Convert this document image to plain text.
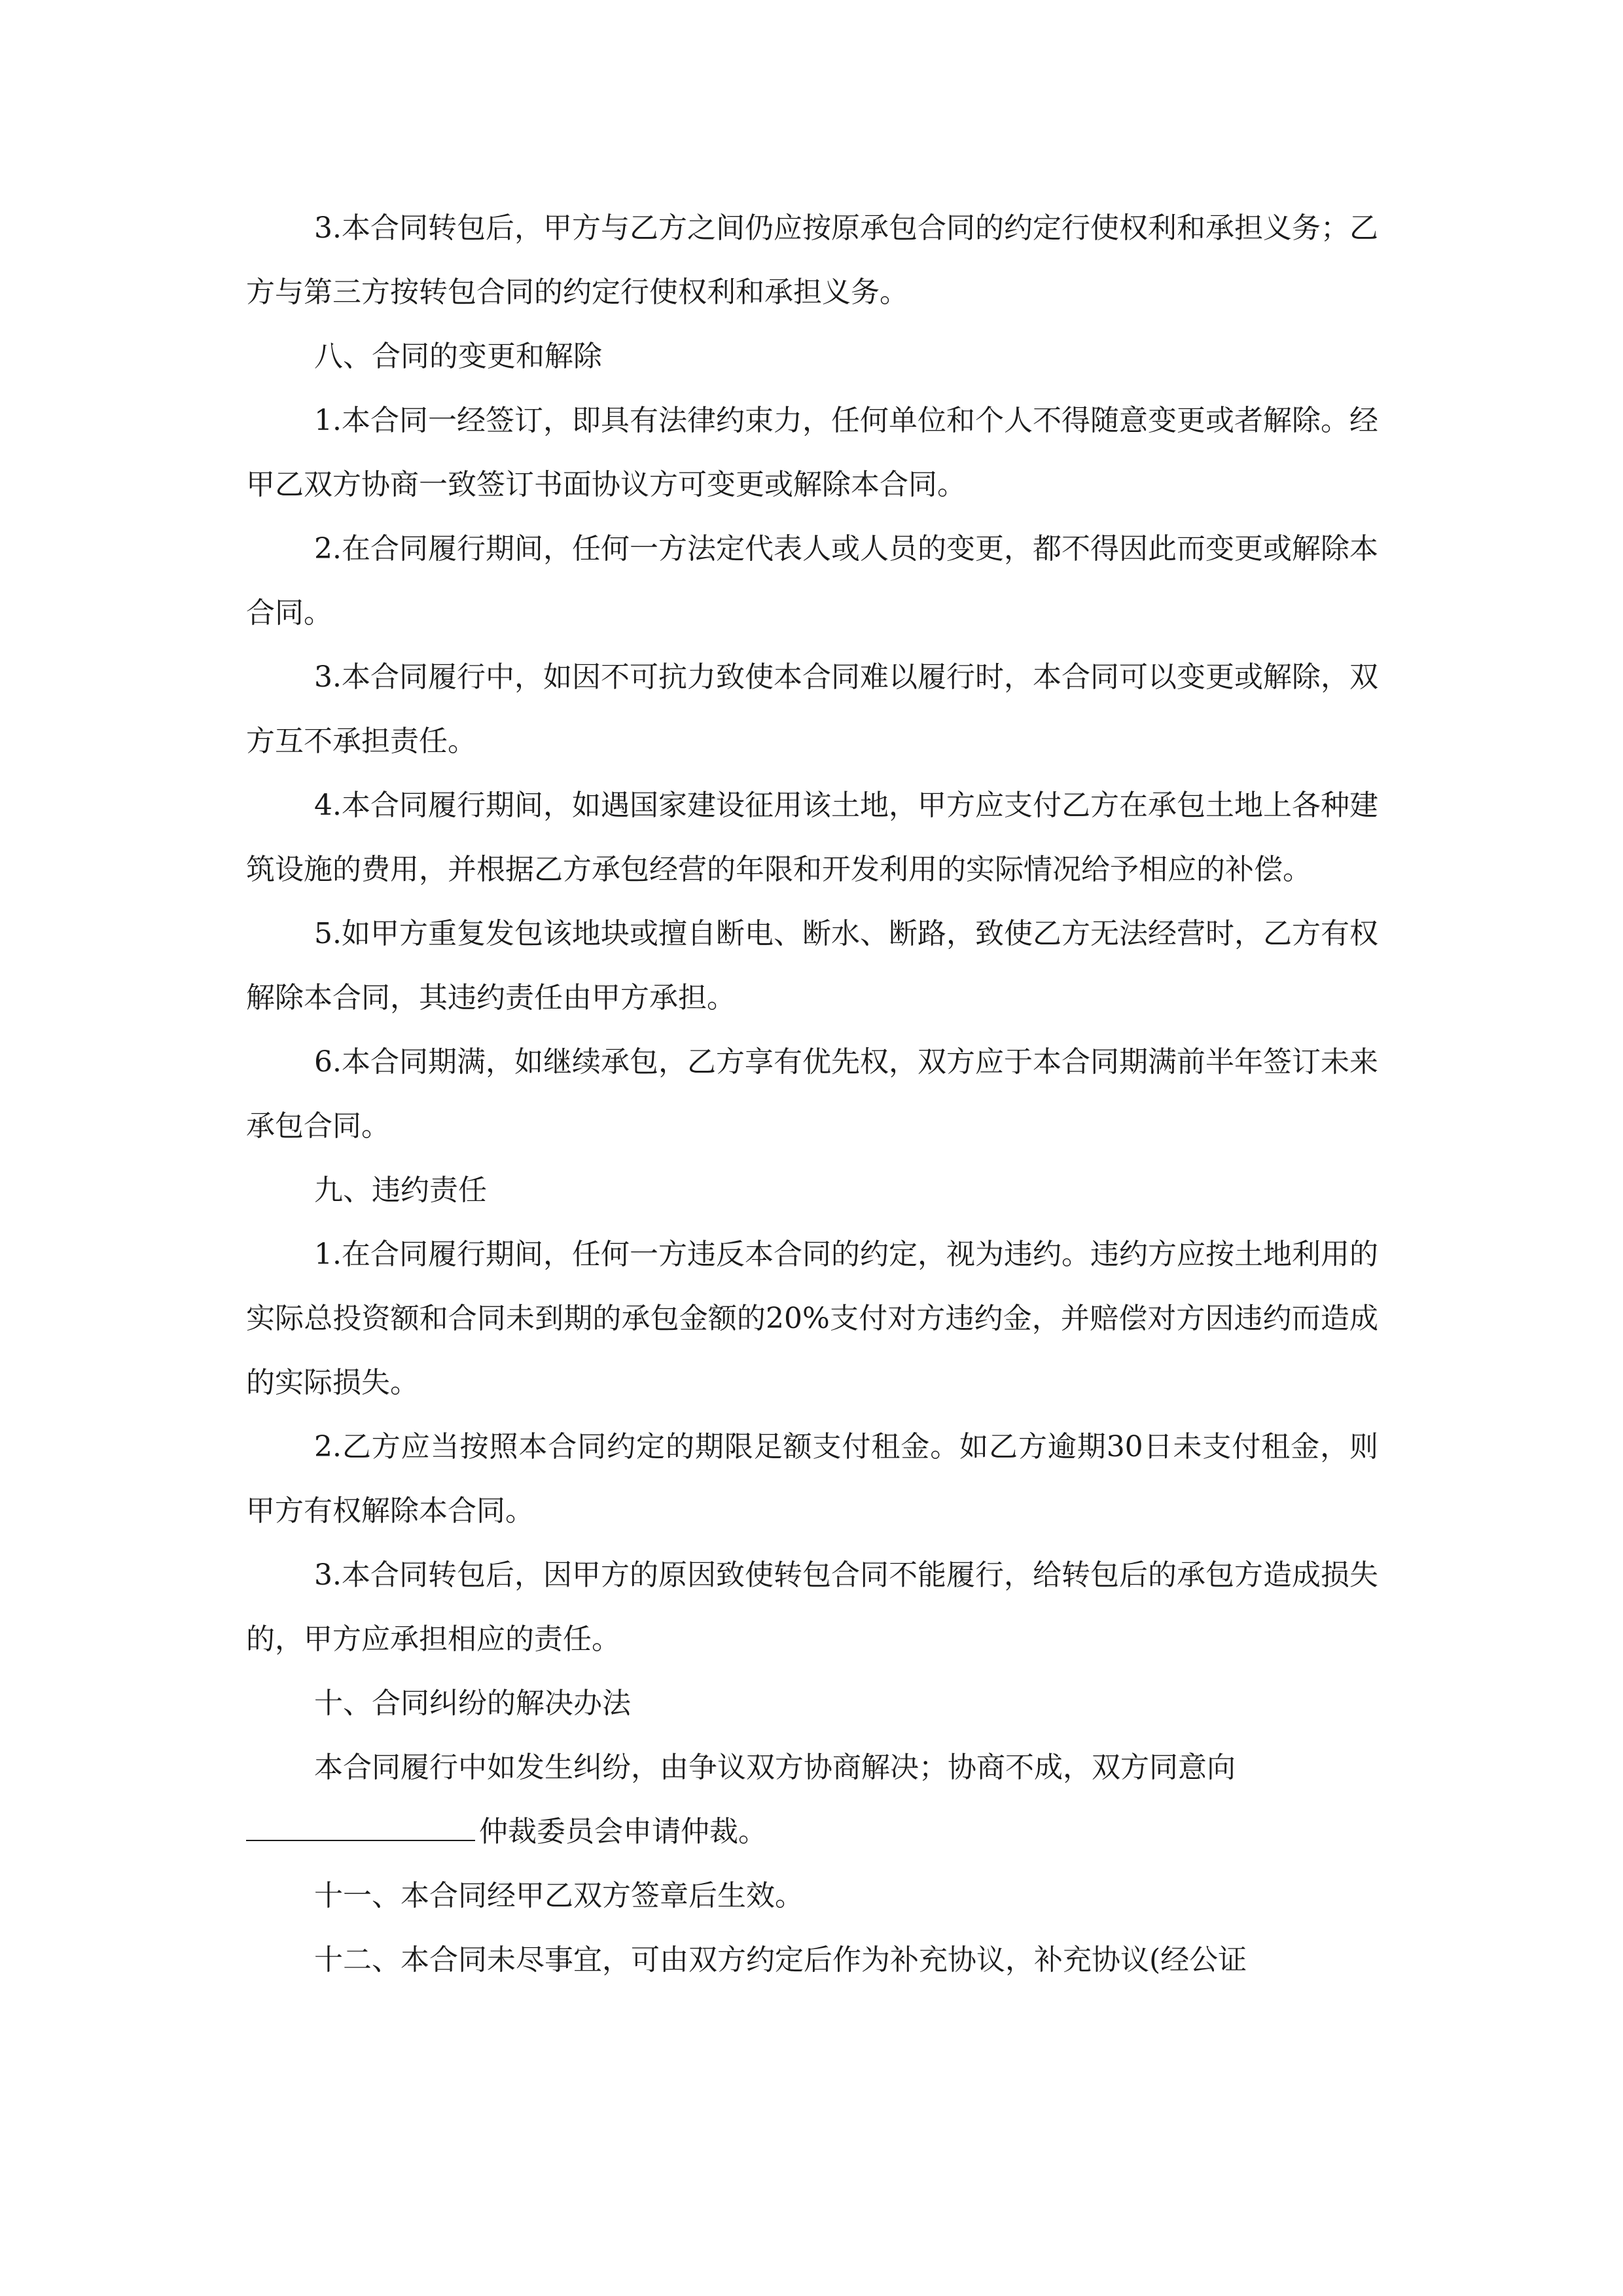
3.本合同转包后，甲方与乙方之间仍应按原承包合同的约定行使权利和承担义务；乙方与第三方按转包合同的约定行使权利和承担义务。

八、合同的变更和解除

1.本合同一经签订，即具有法律约束力，任何单位和个人不得随意变更或者解除。经甲乙双方协商一致签订书面协议方可变更或解除本合同。

2.在合同履行期间，任何一方法定代表人或人员的变更，都不得因此而变更或解除本合同。

3.本合同履行中，如因不可抗力致使本合同难以履行时，本合同可以变更或解除，双方互不承担责任。

4.本合同履行期间，如遇国家建设征用该土地，甲方应支付乙方在承包土地上各种建筑设施的费用，并根据乙方承包经营的年限和开发利用的实际情况给予相应的补偿。

5.如甲方重复发包该地块或擅自断电、断水、断路，致使乙方无法经营时，乙方有权解除本合同，其违约责任由甲方承担。

6.本合同期满，如继续承包，乙方享有优先权，双方应于本合同期满前半年签订未来承包合同。

九、违约责任

1.在合同履行期间，任何一方违反本合同的约定，视为违约。违约方应按土地利用的实际总投资额和合同未到期的承包金额的20%支付对方违约金，并赔偿对方因违约而造成的实际损失。

2.乙方应当按照本合同约定的期限足额支付租金。如乙方逾期30日未支付租金，则甲方有权解除本合同。

3.本合同转包后，因甲方的原因致使转包合同不能履行，给转包后的承包方造成损失的，甲方应承担相应的责任。

十、合同纠纷的解决办法

本合同履行中如发生纠纷，由争议双方协商解决；协商不成，双方同意向

仲裁委员会申请仲裁。

十一、本合同经甲乙双方签章后生效。

十二、本合同未尽事宜，可由双方约定后作为补充协议，补充协议(经公证
